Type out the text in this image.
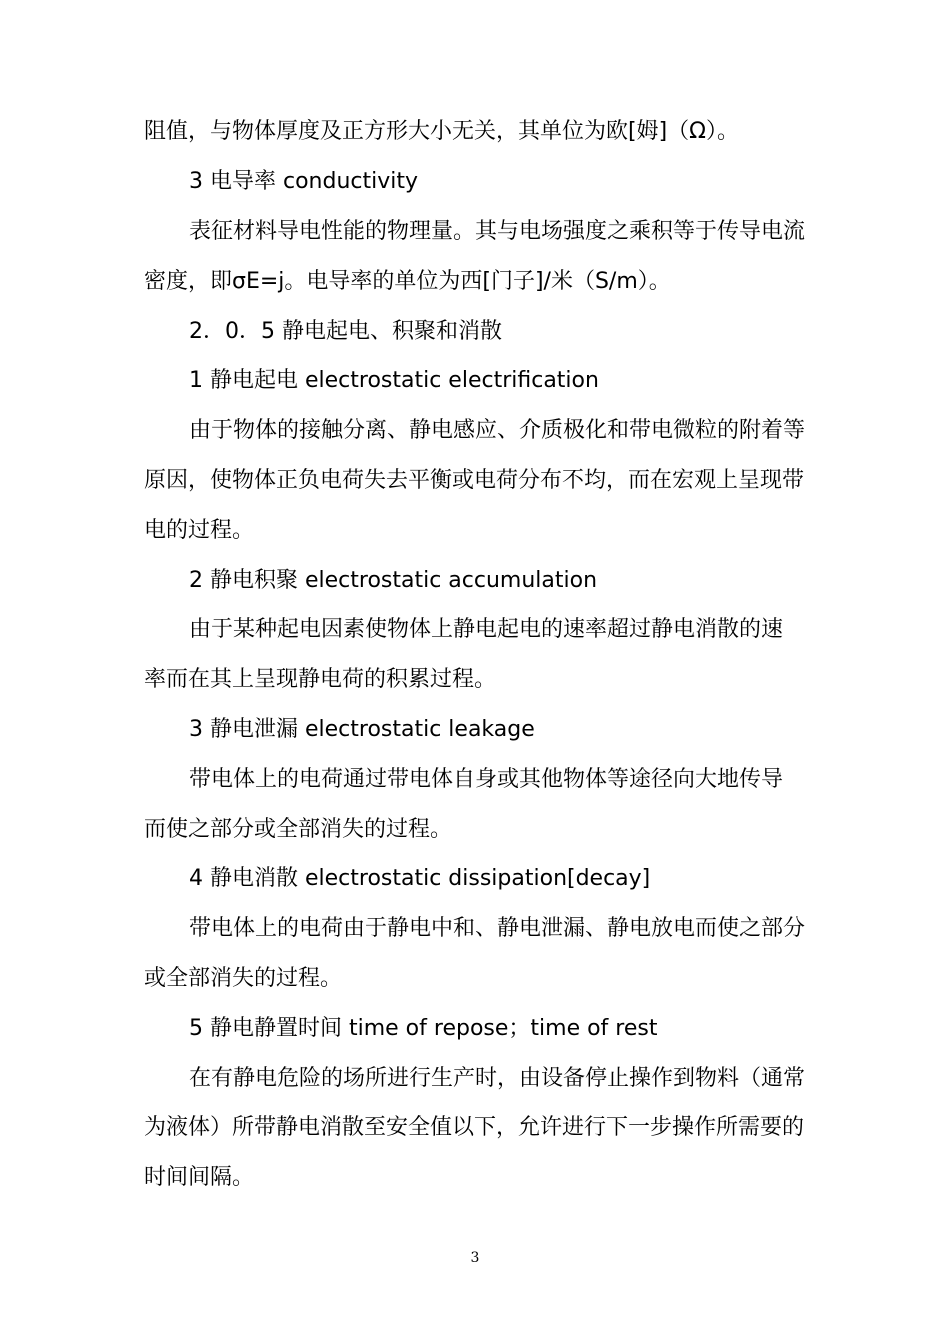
阻值，与物体厚度及正方形大小无关，其单位为欧[姆]（Ω）。
3 电导率 conductivity
表征材料导电性能的物理量。其与电场强度之乘积等于传导电流
密度，即σE=j。电导率的单位为西[门子]/米（S/m）。
2．0．5 静电起电、积聚和消散
1 静电起电 electrostatic electrification
由于物体的接触分离、静电感应、介质极化和带电微粒的附着等
原因，使物体正负电荷失去平衡或电荷分布不均，而在宏观上呈现带
电的过程。
2 静电积聚 electrostatic accumulation
由于某种起电因素使物体上静电起电的速率超过静电消散的速
率而在其上呈现静电荷的积累过程。
3 静电泄漏 electrostatic leakage
带电体上的电荷通过带电体自身或其他物体等途径向大地传导
而使之部分或全部消失的过程。
4 静电消散 electrostatic dissipation[decay]
带电体上的电荷由于静电中和、静电泄漏、静电放电而使之部分
或全部消失的过程。
5 静电静置时间 time of repose；time of rest
在有静电危险的场所进行生产时，由设备停止操作到物料（通常
为液体）所带静电消散至安全值以下，允许进行下一步操作所需要的
时间间隔。
3
